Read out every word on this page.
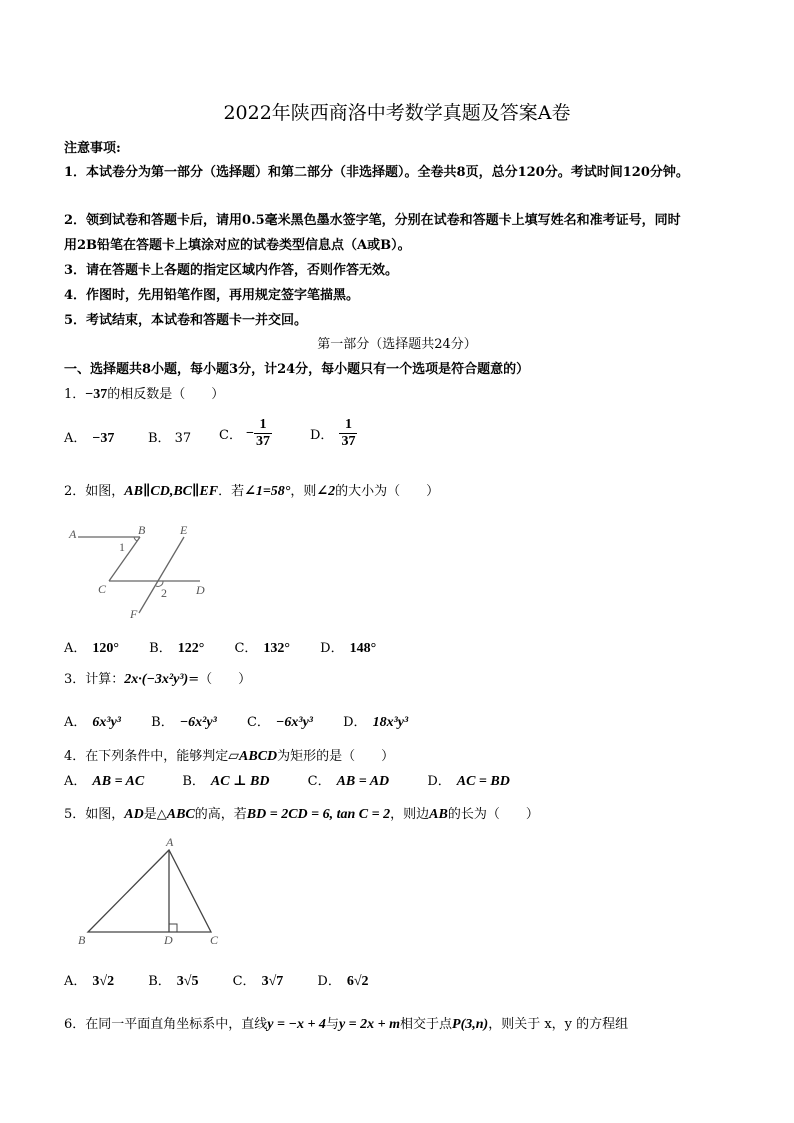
2022年陕西商洛中考数学真题及答案A卷
注意事项:
1．本试卷分为第一部分（选择题）和第二部分（非选择题）。全卷共8页，总分120分。考试时间120分钟。
2．领到试卷和答题卡后，请用0.5毫米黑色墨水签字笔，分别在试卷和答题卡上填写姓名和准考证号，同时
用2B铅笔在答题卡上填涂对应的试卷类型信息点（A或B）。
3．请在答题卡上各题的指定区域内作答，否则作答无效。
4．作图时，先用铅笔作图，再用规定签字笔描黑。
5．考试结束，本试卷和答题卡一并交回。
第一部分（选择题共24分）
一、选择题共8小题，每小题3分，计24分，每小题只有一个选项是符合题意的）
1．−37的相反数是（　　）
A． −37	B． 37 C． − $\frac{1}{37}$	D． $\frac{1}{37}$
2．如图，AB∥CD,BC∥EF．若∠1=58°，则∠2的大小为（　　）
A	B	E
C	D
F
1
2
A． 120° B． 122° C． 132° D． 148°
3．计算：2x·(−3x²y³)=（　　）
A． 6x³y³ B． −6x²y³ C． −6x³y³ D． 18x³y³
4．在下列条件中，能够判定▱ABCD为矩形的是（　　）
A． AB = AC	B． AC ⊥ BD	C． AB = AD	D． AC = BD
5．如图，AD是△ABC的高，若BD = 2CD = 6, tan C = 2，则边AB的长为（　　）
A
B	D	C
A． 3√2	B． 3√5	C． 3√7	D． 6√2
6．在同一平面直角坐标系中，直线y = −x + 4与y = 2x + m相交于点P(3,n)，则关于 x，y 的方程组
